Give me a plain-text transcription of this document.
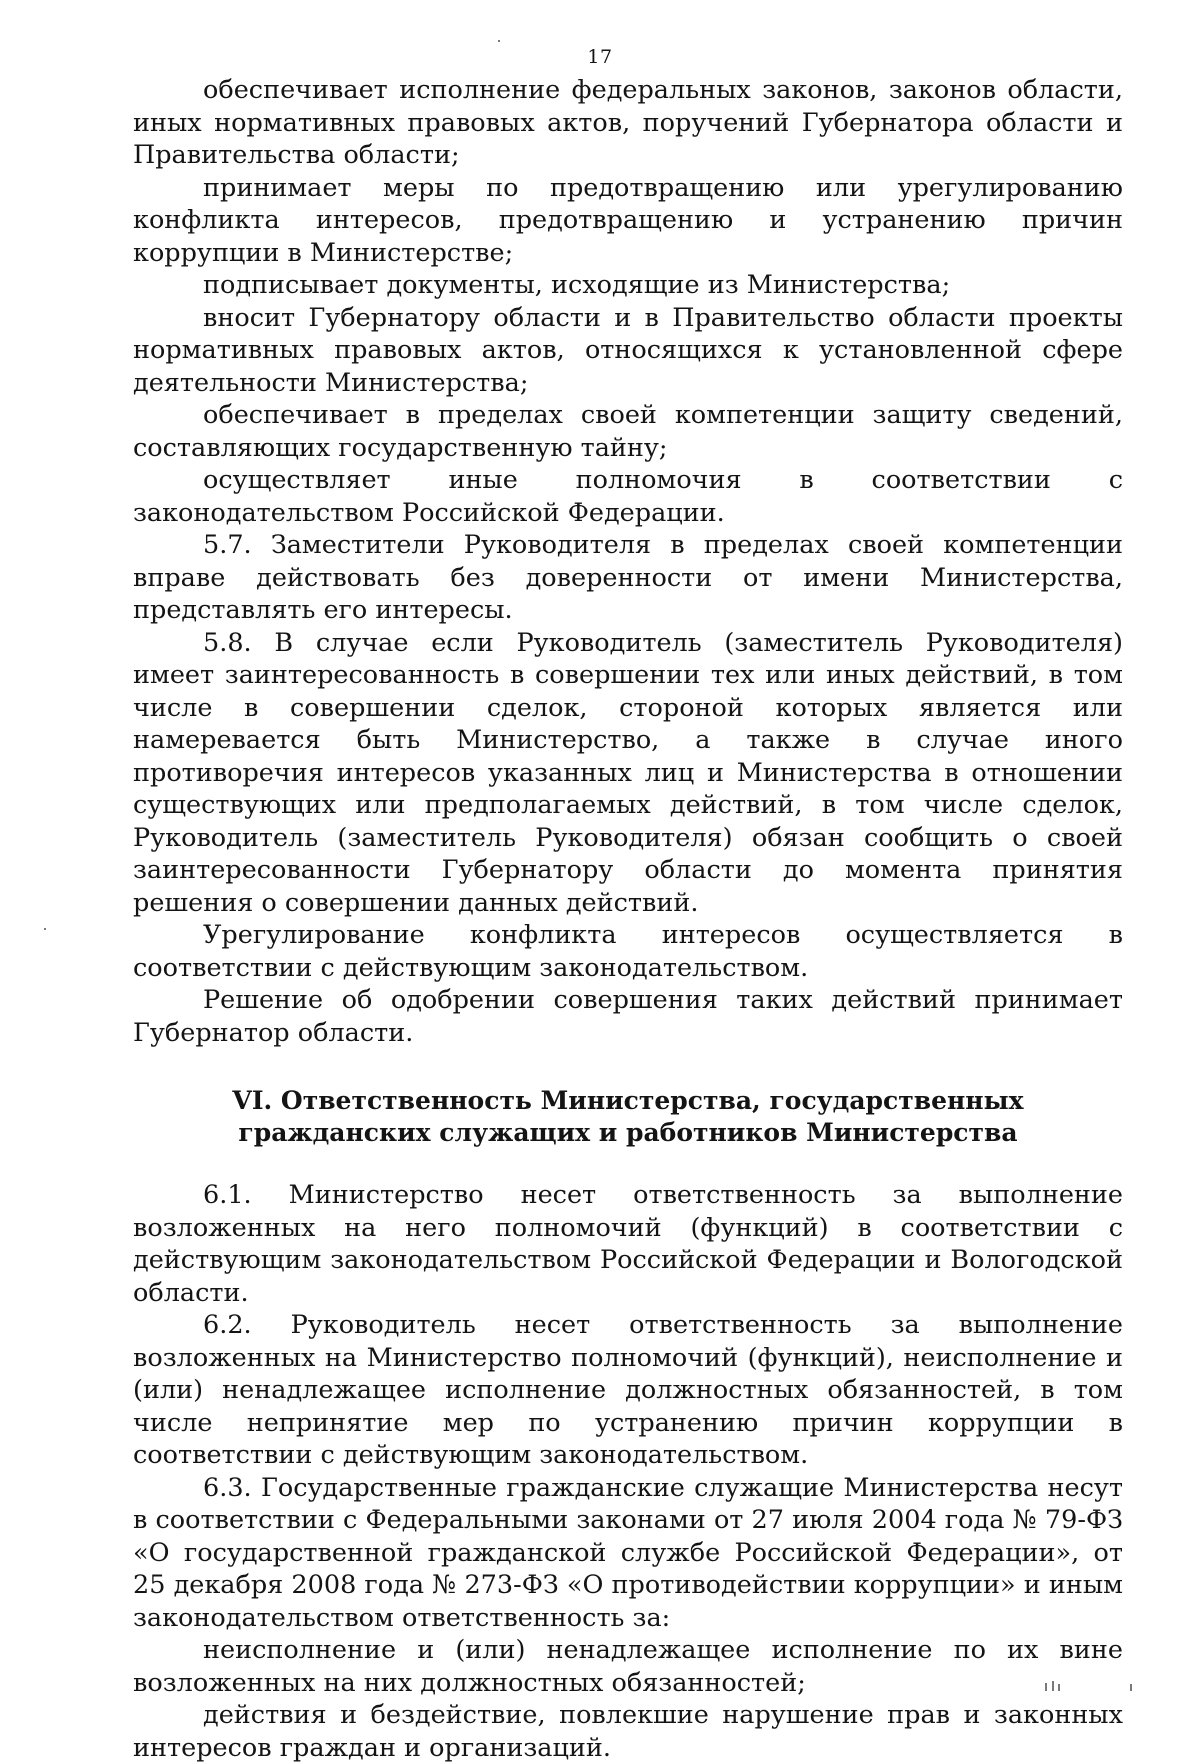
17

обеспечивает исполнение федеральных законов, законов области, иных нормативных правовых актов, поручений Губернатора области и Правительства области;

принимает меры по предотвращению или урегулированию конфликта интересов, предотвращению и устранению причин коррупции в Министерстве;

подписывает документы, исходящие из Министерства;

вносит Губернатору области и в Правительство области проекты нормативных правовых актов, относящихся к установленной сфере деятельности Министерства;

обеспечивает в пределах своей компетенции защиту сведений, составляющих государственную тайну;

осуществляет иные полномочия в соответствии с законодательством Российской Федерации.

5.7. Заместители Руководителя в пределах своей компетенции вправе действовать без доверенности от имени Министерства, представлять его интересы.

5.8. В случае если Руководитель (заместитель Руководителя) имеет заинтересованность в совершении тех или иных действий, в том числе в совершении сделок, стороной которых является или намеревается быть Министерство, а также в случае иного противоречия интересов указанных лиц и Министерства в отношении существующих или предполагаемых действий, в том числе сделок, Руководитель (заместитель Руководителя) обязан сообщить о своей заинтересованности Губернатору области до момента принятия решения о совершении данных действий.

Урегулирование конфликта интересов осуществляется в соответствии с действующим законодательством.

Решение об одобрении совершения таких действий принимает Губернатор области.

VI. Ответственность Министерства, государственных
гражданских служащих и работников Министерства

6.1. Министерство несет ответственность за выполнение возложенных на него полномочий (функций) в соответствии с действующим законодательством Российской Федерации и Вологодской области.

6.2. Руководитель несет ответственность за выполнение возложенных на Министерство полномочий (функций), неисполнение и (или) ненадлежащее исполнение должностных обязанностей, в том числе непринятие мер по устранению причин коррупции в соответствии с действующим законодательством.

6.3. Государственные гражданские служащие Министерства несут в соответствии с Федеральными законами от 27 июля 2004 года № 79-ФЗ «О государственной гражданской службе Российской Федерации», от 25 декабря 2008 года № 273-ФЗ «О противодействии коррупции» и иным законодательством ответственность за:

неисполнение и (или) ненадлежащее исполнение по их вине возложенных на них должностных обязанностей;

действия и бездействие, повлекшие нарушение прав и законных интересов граждан и организаций.
